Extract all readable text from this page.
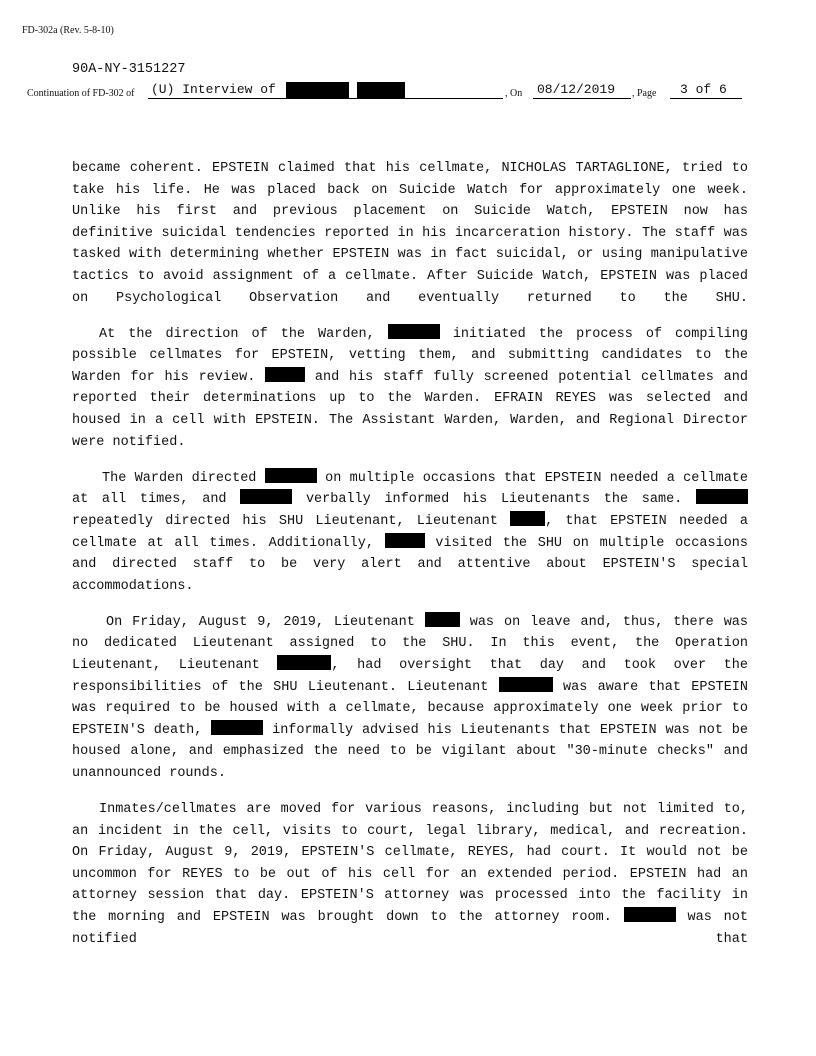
FD-302a (Rev. 5-8-10)
90A-NY-3151227
Continuation of FD-302 of (U) Interview of	, On	08/12/2019	, Page	3 of 6

became coherent. EPSTEIN claimed that his cellmate, NICHOLAS TARTAGLIONE, tried to take his life. He was placed back on Suicide Watch for approximately one week. Unlike his first and previous placement on Suicide Watch, EPSTEIN now has definitive suicidal tendencies reported in his incarceration history. The staff was tasked with determining whether EPSTEIN was in fact suicidal, or using manipulative tactics to avoid assignment of a cellmate. After Suicide Watch, EPSTEIN was placed on Psychological Observation and eventually returned to the SHU.

At the direction of the Warden,	initiated the process of compiling possible cellmates for EPSTEIN, vetting them, and submitting candidates to the Warden for his review.	and his staff fully screened potential cellmates and reported their determinations up to the Warden. EFRAIN REYES was selected and housed in a cell with EPSTEIN. The Assistant Warden, Warden, and Regional Director were notified.

The Warden directed	on multiple occasions that EPSTEIN needed a cellmate at all times, and	verbally informed his Lieutenants the same.  repeatedly directed his SHU Lieutenant, Lieutenant	, that EPSTEIN needed a cellmate at all times. Additionally,	visited the SHU on multiple occasions and directed staff to be very alert and attentive about EPSTEIN'S special accommodations.

On Friday, August 9, 2019, Lieutenant	was on leave and, thus, there was no dedicated Lieutenant assigned to the SHU. In this event, the Operation Lieutenant, Lieutenant	, had oversight that day and took over the responsibilities of the SHU Lieutenant. Lieutenant	was aware that EPSTEIN was required to be housed with a cellmate, because approximately one week prior to EPSTEIN'S death,	informally advised his Lieutenants that EPSTEIN was not be housed alone, and emphasized the need to be vigilant about "30-minute checks" and unannounced rounds.

Inmates/cellmates are moved for various reasons, including but not limited to, an incident in the cell, visits to court, legal library, medical, and recreation. On Friday, August 9, 2019, EPSTEIN'S cellmate, REYES, had court. It would not be uncommon for REYES to be out of his cell for an extended period. EPSTEIN had an attorney session that day. EPSTEIN'S attorney was processed into the facility in the morning and EPSTEIN was brought down to the attorney room.	was not notified that
